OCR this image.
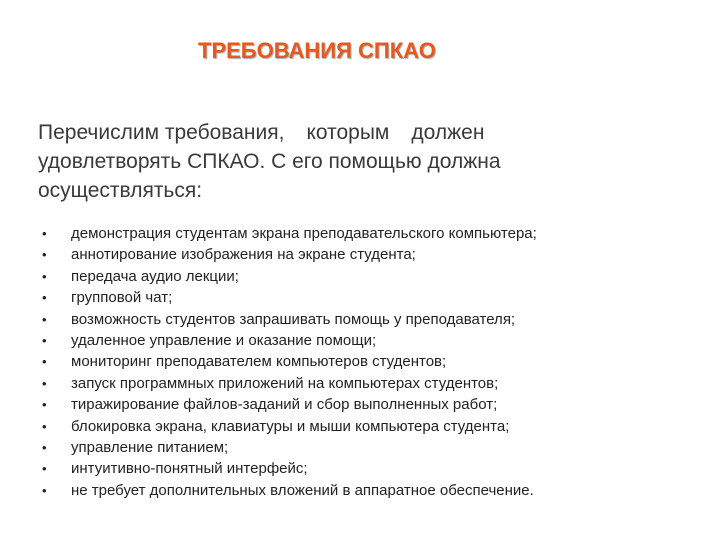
ТРЕБОВАНИЯ СПКАО
Перечислим требования, которым должен
удовлетворять СПКАО. С его помощью должна
осуществляться:
• демонстрация студентам экрана преподавательского компьютера;
• аннотирование изображения на экране студента;
• передача аудио лекции;
• групповой чат;
• возможность студентов запрашивать помощь у преподавателя;
• удаленное управление и оказание помощи;
• мониторинг преподавателем компьютеров студентов;
• запуск программных приложений на компьютерах студентов;
• тиражирование файлов-заданий и сбор выполненных работ;
• блокировка экрана, клавиатуры и мыши компьютера студента;
• управление питанием;
• интуитивно-понятный интерфейс;
• не требует дополнительных вложений в аппаратное обеспечение.
